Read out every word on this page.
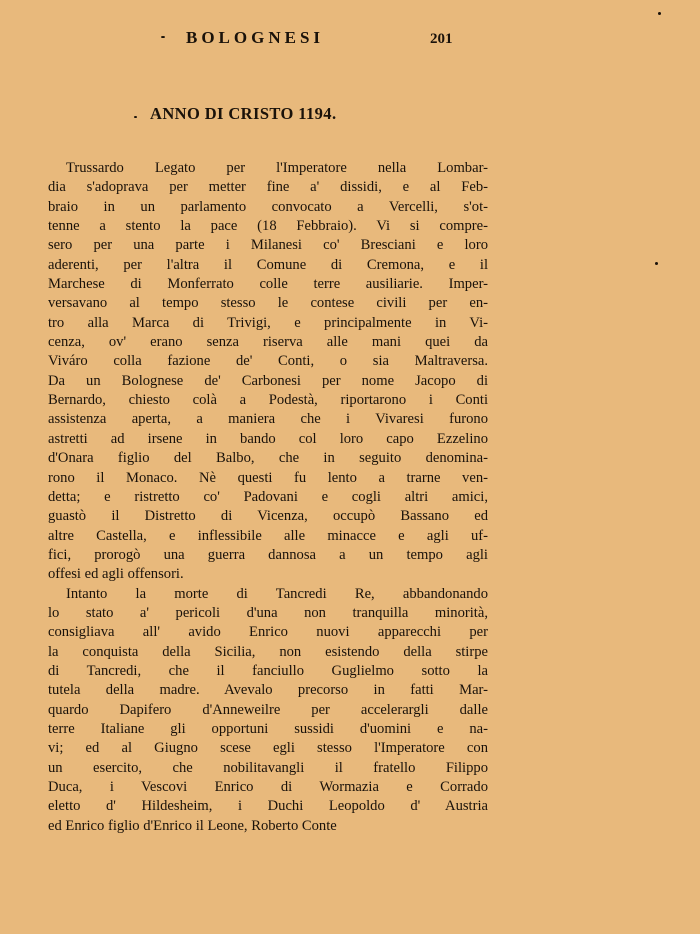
BOLOGNESI	201
ANNO DI CRISTO 1194.
Trussardo Legato per l'Imperatore nella Lombar-
dia s'adoprava per metter fine a' dissidi, e al Feb-
braio in un parlamento convocato a Vercelli, s'ot-
tenne a stento la pace (18 Febbraio). Vi si compre-
sero per una parte i Milanesi co' Bresciani e loro
aderenti, per l'altra il Comune di Cremona, e il
Marchese di Monferrato colle terre ausiliarie. Imper-
versavano al tempo stesso le contese civili per en-
tro alla Marca di Trivigi, e principalmente in Vi-
cenza, ov' erano senza riserva alle mani quei da
Viváro colla fazione de' Conti, o sia Maltraversa.
Da un Bolognese de' Carbonesi per nome Jacopo di
Bernardo, chiesto colà a Podestà, riportarono i Conti
assistenza aperta, a maniera che i Vivaresi furono
astretti ad irsene in bando col loro capo Ezzelino
d'Onara figlio del Balbo, che in seguito denomina-
rono il Monaco. Nè questi fu lento a trarne ven-
detta; e ristretto co' Padovani e cogli altri amici,
guastò il Distretto di Vicenza, occupò Bassano ed
altre Castella, e inflessibile alle minacce e agli uf-
fici, prorogò una guerra dannosa a un tempo agli
offesi ed agli offensori.
Intanto la morte di Tancredi Re, abbandonando
lo stato a' pericoli d'una non tranquilla minorità,
consigliava all' avido Enrico nuovi apparecchi per
la conquista della Sicilia, non esistendo della stirpe
di Tancredi, che il fanciullo Guglielmo sotto la
tutela della madre. Avevalo precorso in fatti Mar-
quardo Dapifero d'Anneweilre per accelerargli dalle
terre Italiane gli opportuni sussidi d'uomini e na-
vi; ed al Giugno scese egli stesso l'Imperatore con
un esercito, che nobilitavangli il fratello Filippo
Duca, i Vescovi Enrico di Wormazia e Corrado
eletto d' Hildesheim, i Duchi Leopoldo d' Austria
ed Enrico figlio d'Enrico il Leone, Roberto Conte
